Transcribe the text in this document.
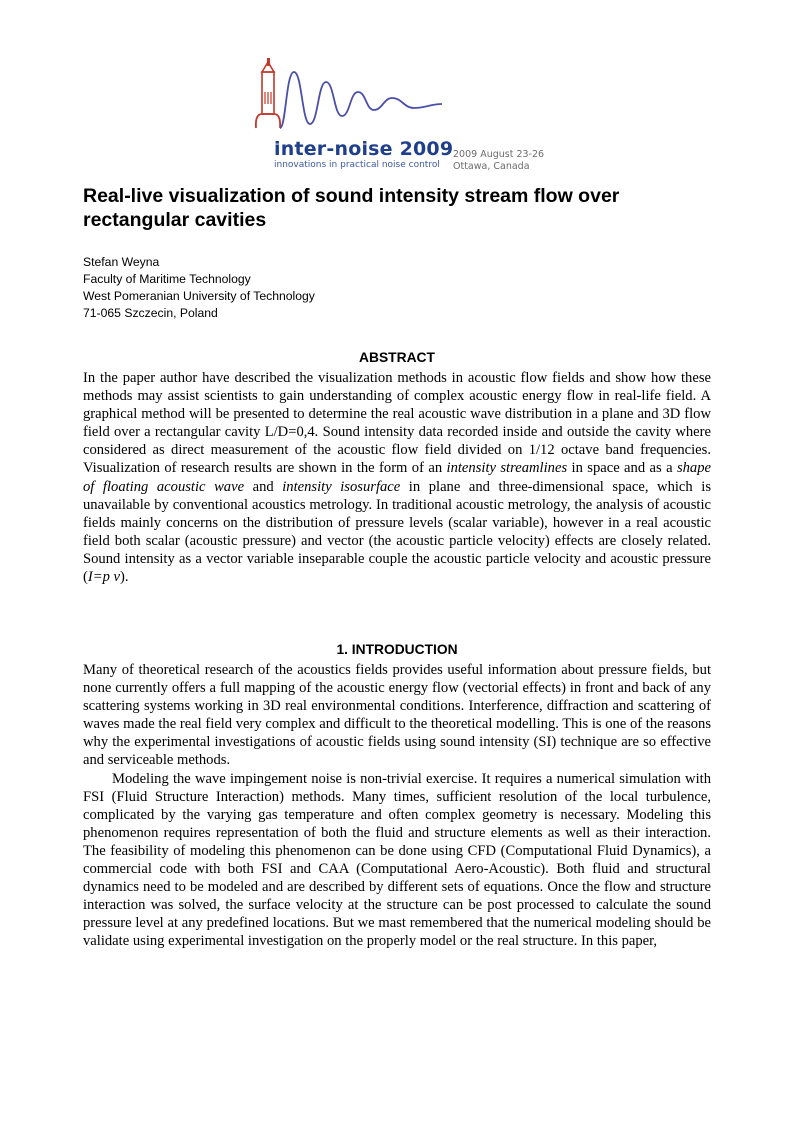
inter-noise 2009
innovations in practical noise control
2009 August 23-26
Ottawa, Canada
Real-live visualization of sound intensity stream flow over rectangular cavities
Stefan Weyna
Faculty of Maritime Technology
West Pomeranian University of Technology
71-065 Szczecin, Poland
ABSTRACT

In the paper author have described the visualization methods in acoustic flow fields and show how these methods may assist scientists to gain understanding of complex acoustic energy flow in real-life field. A graphical method will be presented to determine the real acoustic wave distribution in a plane and 3D flow field over a rectangular cavity L/D=0,4. Sound intensity data recorded inside and outside the cavity where considered as direct measurement of the acoustic flow field divided on 1/12 octave band frequencies. Visualization of research results are shown in the form of an intensity streamlines in space and as a shape of floating acoustic wave and intensity isosurface in plane and three-dimensional space, which is unavailable by conventional acoustics metrology. In traditional acoustic metrology, the analysis of acoustic fields mainly concerns on the distribution of pressure levels (scalar variable), however in a real acoustic field both scalar (acoustic pressure) and vector (the acoustic particle velocity) effects are closely related. Sound intensity as a vector variable inseparable couple the acoustic particle velocity and acoustic pressure (I=p v).

1. INTRODUCTION

Many of theoretical research of the acoustics fields provides useful information about pressure fields, but none currently offers a full mapping of the acoustic energy flow (vectorial effects) in front and back of any scattering systems working in 3D real environmental conditions. Interference, diffraction and scattering of waves made the real field very complex and difficult to the theoretical modelling. This is one of the reasons why the experimental investigations of acoustic fields using sound intensity (SI) technique are so effective and serviceable methods.

Modeling the wave impingement noise is non-trivial exercise. It requires a numerical simulation with FSI (Fluid Structure Interaction) methods. Many times, sufficient resolution of the local turbulence, complicated by the varying gas temperature and often complex geometry is necessary. Modeling this phenomenon requires representation of both the fluid and structure elements as well as their interaction. The feasibility of modeling this phenomenon can be done using CFD (Computational Fluid Dynamics), a commercial code with both FSI and CAA (Computational Aero-Acoustic). Both fluid and structural dynamics need to be modeled and are described by different sets of equations. Once the flow and structure interaction was solved, the surface velocity at the structure can be post processed to calculate the sound pressure level at any predefined locations. But we mast remembered that the numerical modeling should be validate using experimental investigation on the properly model or the real structure. In this paper,
